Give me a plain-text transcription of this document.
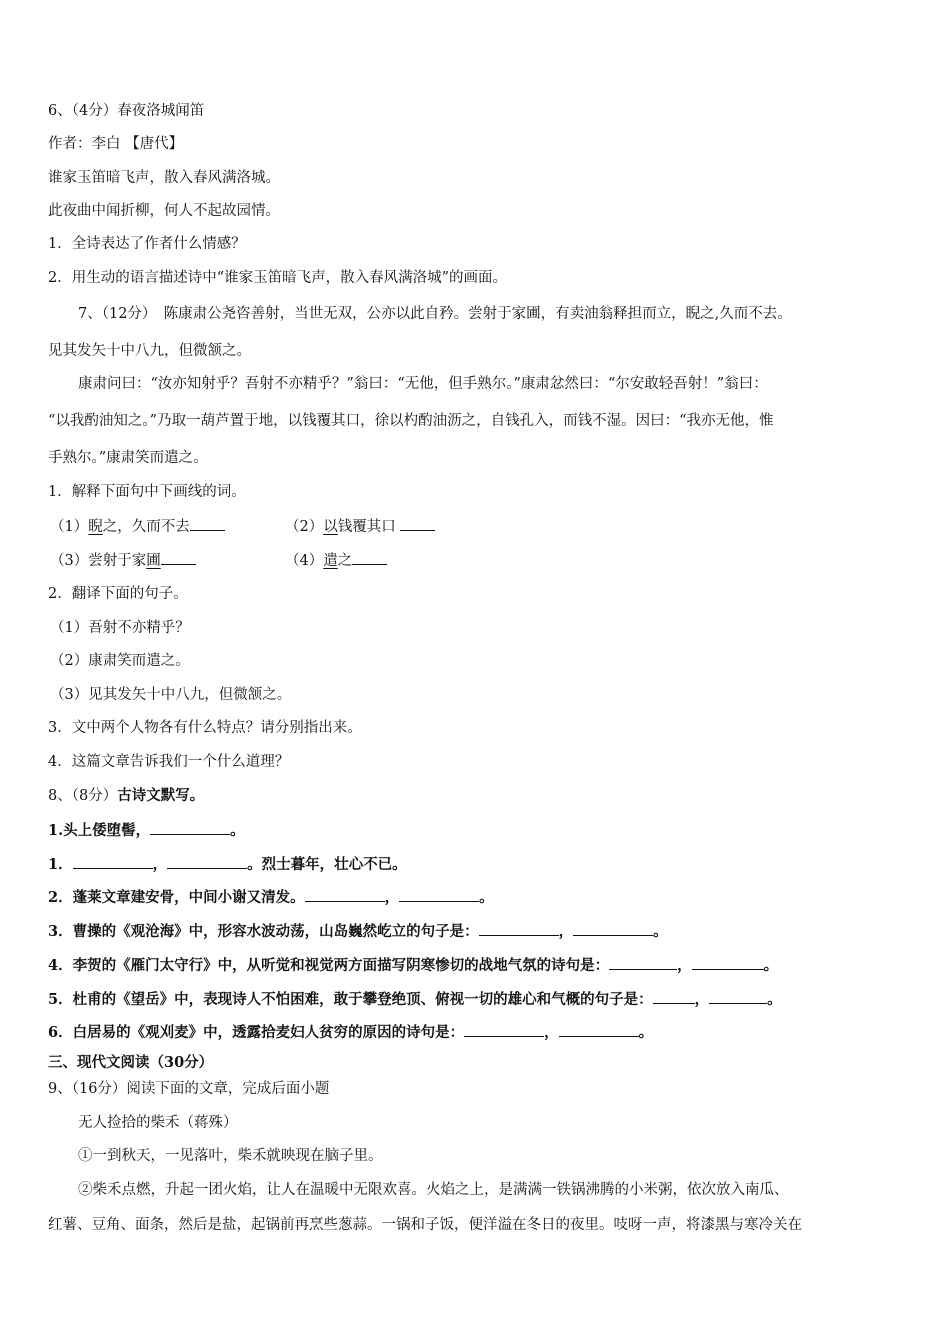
6、（4分）春夜洛城闻笛
作者：李白 【唐代】
谁家玉笛暗飞声，散入春风满洛城。
此夜曲中闻折柳，何人不起故园情。
1．全诗表达了作者什么情感？
2．用生动的语言描述诗中“谁家玉笛暗飞声，散入春风满洛城”的画面。
7、（12分）　陈康肃公尧咨善射，当世无双，公亦以此自矜。尝射于家圃，有卖油翁释担而立，睨之,久而不去。
见其发矢十中八九，但微颔之。
康肃问曰：“汝亦知射乎？吾射不亦精乎？”翁曰：“无他，但手熟尔。”康肃忿然曰：“尔安敢轻吾射！”翁曰：
“以我酌油知之。”乃取一葫芦置于地，以钱覆其口，徐以杓酌油沥之，自钱孔入，而钱不湿。因曰：“我亦无他，惟
手熟尔。”康肃笑而遣之。
1．解释下面句中下画线的词。
（1）睨之，久而不去	（2）以钱覆其口
（3）尝射于家圃	（4）遣之
2．翻译下面的句子。
（1）吾射不亦精乎？
（2）康肃笑而遣之。
（3）见其发矢十中八九，但微颔之。
3．文中两个人物各有什么特点？请分别指出来。
4．这篇文章告诉我们一个什么道理？
8、（8分）古诗文默写。
1.头上倭堕髻，	。
1．	，	。烈士暮年，壮心不已。
2．蓬莱文章建安骨，中间小谢又清发。	，	。
3．曹操的《观沧海》中，形容水波动荡，山岛巍然屹立的句子是：	，	。
4．李贺的《雁门太守行》中，从听觉和视觉两方面描写阴寒惨切的战地气氛的诗句是：	，	。
5．杜甫的《望岳》中，表现诗人不怕困难，敢于攀登绝顶、俯视一切的雄心和气概的句子是：	，	。
6．白居易的《观刈麦》中，透露拾麦妇人贫穷的原因的诗句是：	，	。
三、现代文阅读（30分）
9、（16分）阅读下面的文章，完成后面小题
无人捡拾的柴禾（蒋殊）
①一到秋天，一见落叶，柴禾就映现在脑子里。
②柴禾点燃，升起一团火焰，让人在温暖中无限欢喜。火焰之上，是满满一铁锅沸腾的小米粥，依次放入南瓜、
红薯、豆角、面条，然后是盐，起锅前再烹些葱蒜。一锅和子饭，便洋溢在冬日的夜里。吱呀一声，将漆黑与寒冷关在
